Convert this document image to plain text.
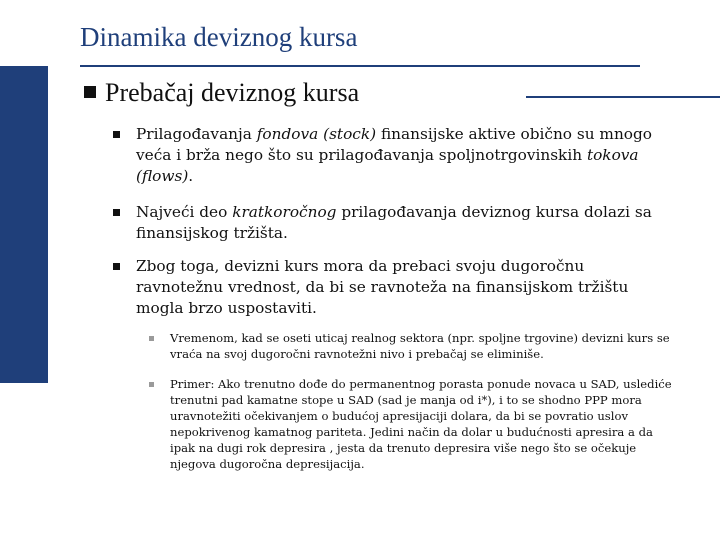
Dinamika deviznog kursa
Prebačaj deviznog kursa
Prilagođavanja fondova (stock) finansijske aktive obično su mnogo veća i brža nego što su prilagođavanja spoljnotrgovinskih tokova (flows).
Najveći deo kratkoročnog prilagođavanja deviznog kursa dolazi sa finansijskog tržišta.
Zbog toga, devizni kurs mora da prebaci svoju dugoročnu ravnotežnu vrednost, da bi se ravnoteža na finansijskom tržištu mogla brzo uspostaviti.
Vremenom, kad se oseti uticaj realnog sektora (npr. spoljne trgovine) devizni kurs se vraća na svoj dugoročni ravnotežni nivo i prebačaj se eliminiše.
Primer: Ako trenutno dođe do permanentnog porasta ponude novaca u SAD, uslediće trenutni pad kamatne stope u SAD (sad je manja od i*), i to se shodno PPP mora uravnotežiti očekivanjem o budućoj apresijaciji dolara, da bi se povratio uslov nepokrivenog kamatnog pariteta. Jedini način da dolar u budućnosti apresira a da ipak na dugi rok depresira , jesta da trenuto depresira više nego što se očekuje njegova dugoročna depresijacija.
